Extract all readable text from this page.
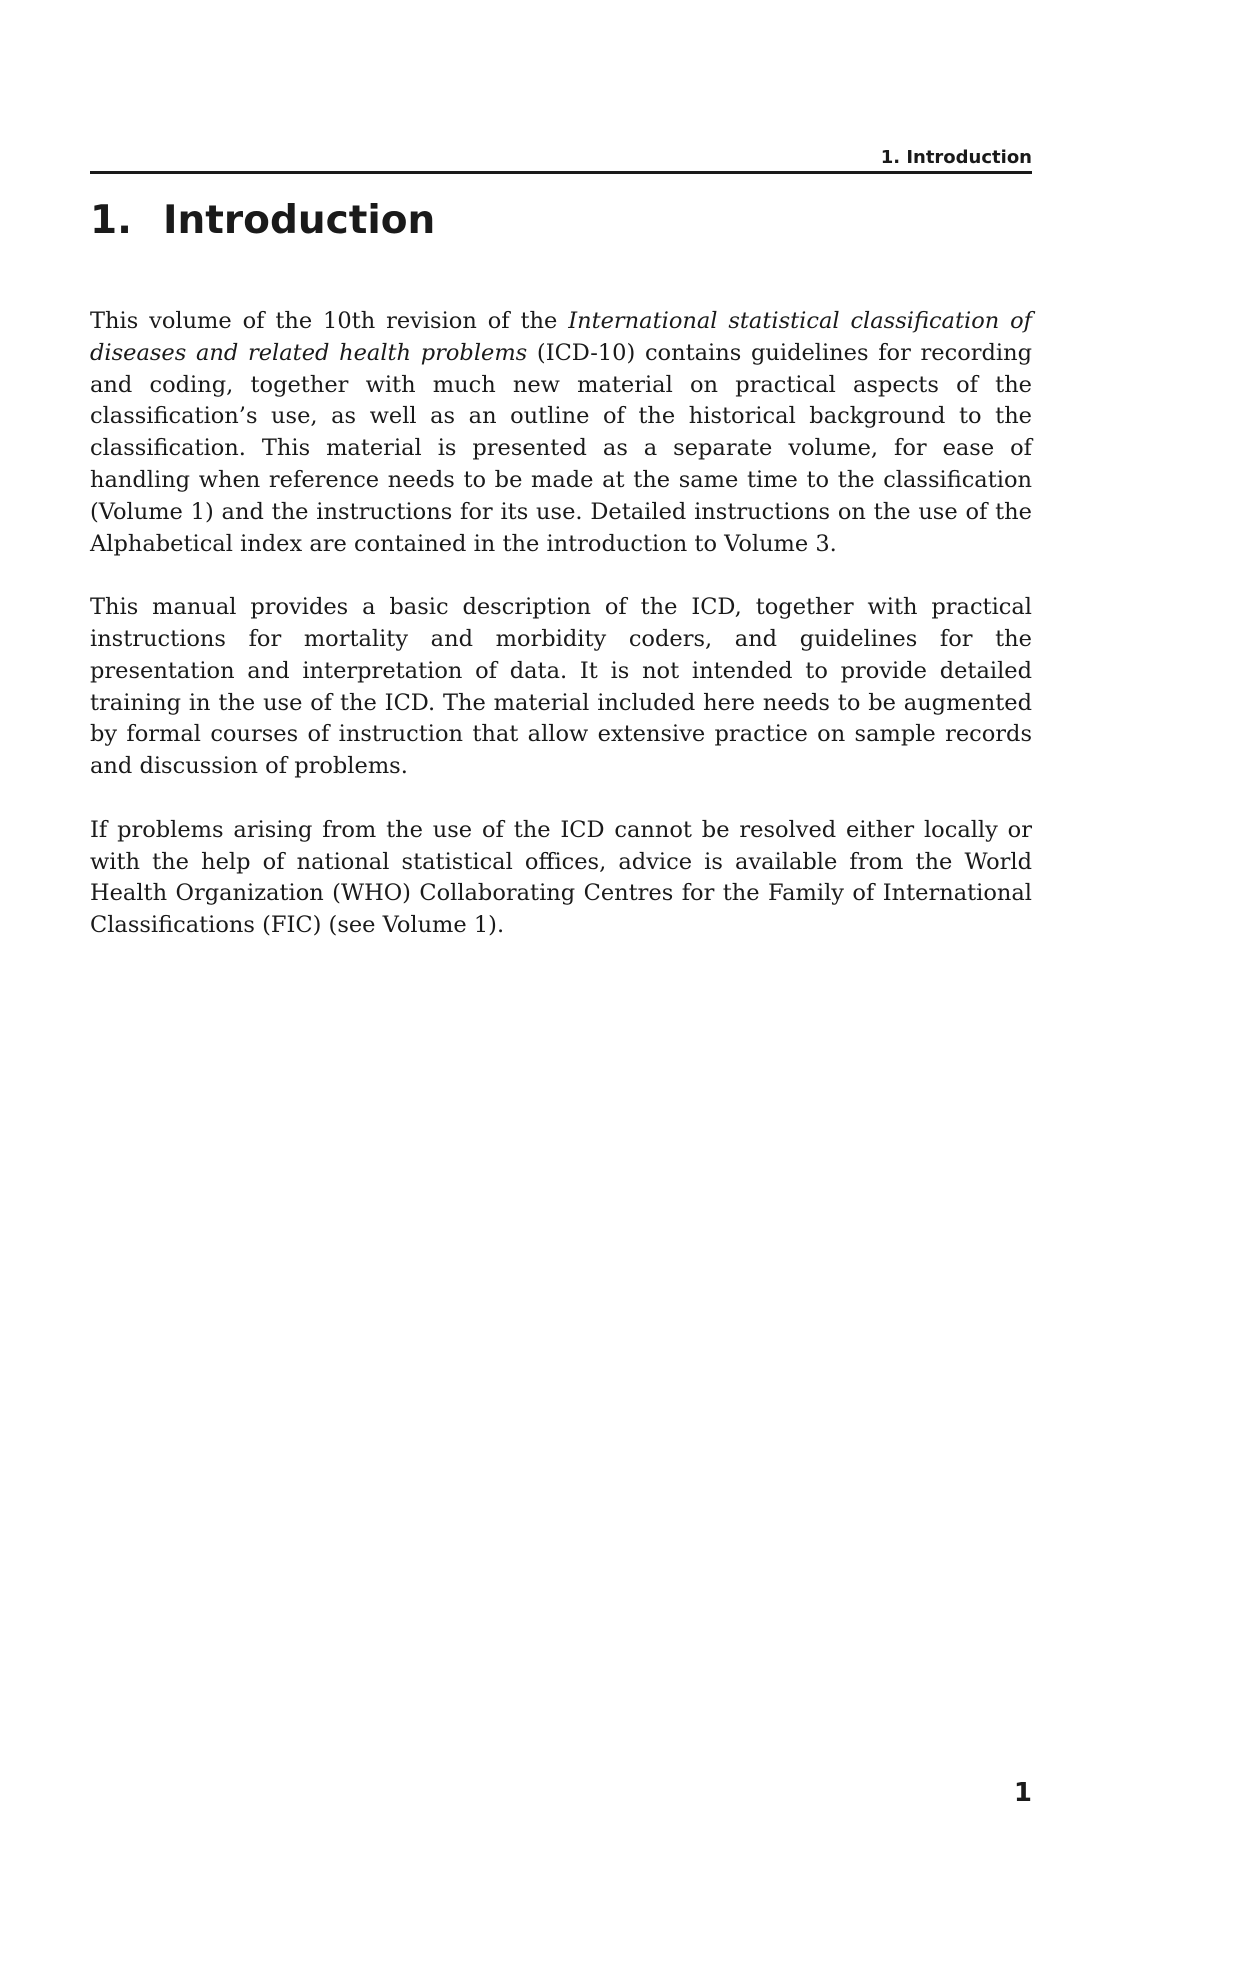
1. Introduction
1. Introduction

This volume of the 10th revision of the International statistical classification of diseases and related health problems (ICD-10) contains guidelines for recording and coding, together with much new material on practical aspects of the classification’s use, as well as an outline of the historical background to the classification. This material is presented as a separate volume, for ease of handling when reference needs to be made at the same time to the classification (Volume 1) and the instructions for its use. Detailed instructions on the use of the Alphabetical index are contained in the introduction to Volume 3.

This manual provides a basic description of the ICD, together with practical instructions for mortality and morbidity coders, and guidelines for the presentation and interpretation of data. It is not intended to provide detailed training in the use of the ICD. The material included here needs to be augmented by formal courses of instruction that allow extensive practice on sample records and discussion of problems.

If problems arising from the use of the ICD cannot be resolved either locally or with the help of national statistical offices, advice is available from the World Health Organization (WHO) Collaborating Centres for the Family of International Classifications (FIC) (see Volume 1).

1
